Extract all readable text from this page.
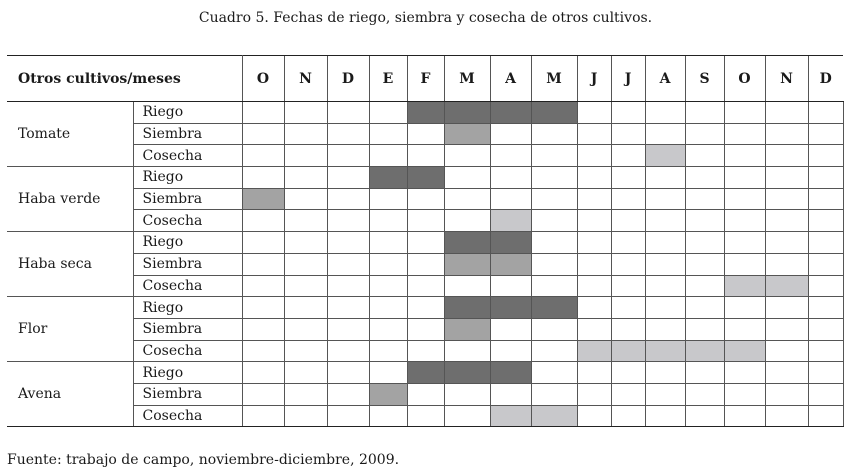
Cuadro 5. Fechas de riego, siembra y cosecha de otros cultivos.
Otros cultivos/meses		O	N	D	E	F	M	A	M	J	J	A	S	O	N	D
Tomate	Riego															
	Siembra															
	Cosecha															
Haba verde	Riego															
	Siembra															
	Cosecha															
Haba seca	Riego															
	Siembra															
	Cosecha															
Flor	Riego															
	Siembra															
	Cosecha															
Avena	Riego															
	Siembra															
	Cosecha															
Fuente: trabajo de campo, noviembre-diciembre, 2009.
